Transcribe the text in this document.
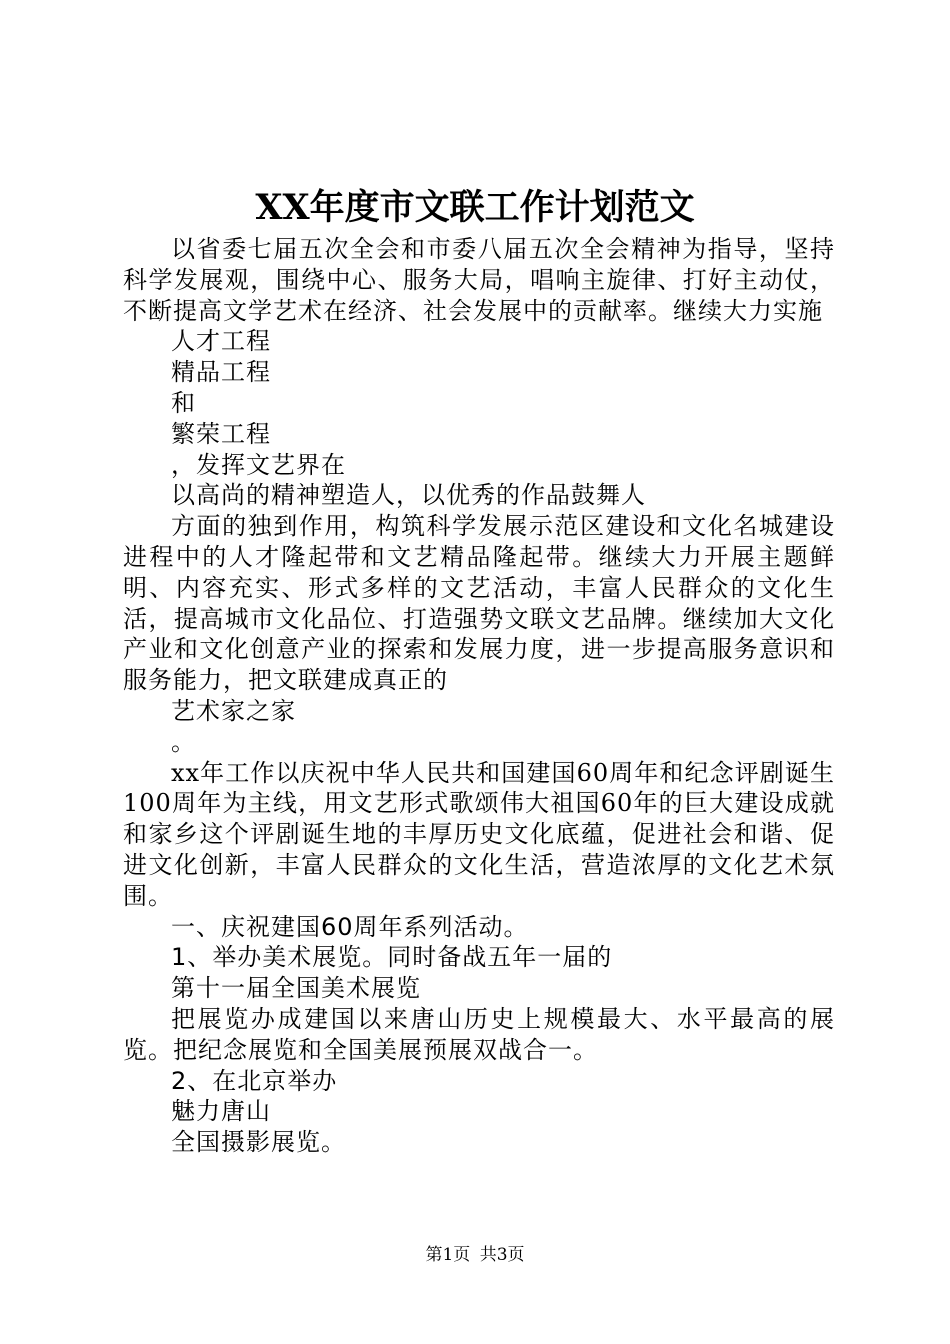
XX年度市文联工作计划范文

以省委七届五次全会和市委八届五次全会精神为指导，坚持科学发展观，围绕中心、服务大局，唱响主旋律、打好主动仗，不断提高文学艺术在经济、社会发展中的贡献率。继续大力实施

人才工程

精品工程

和

繁荣工程

，发挥文艺界在

以高尚的精神塑造人，以优秀的作品鼓舞人

方面的独到作用，构筑科学发展示范区建设和文化名城建设进程中的人才隆起带和文艺精品隆起带。继续大力开展主题鲜明、内容充实、形式多样的文艺活动，丰富人民群众的文化生活，提高城市文化品位、打造强势文联文艺品牌。继续加大文化产业和文化创意产业的探索和发展力度，进一步提高服务意识和服务能力，把文联建成真正的

艺术家之家

。

xx年工作以庆祝中华人民共和国建国60周年和纪念评剧诞生100周年为主线，用文艺形式歌颂伟大祖国60年的巨大建设成就和家乡这个评剧诞生地的丰厚历史文化底蕴，促进社会和谐、促进文化创新，丰富人民群众的文化生活，营造浓厚的文化艺术氛围。

一、庆祝建国60周年系列活动。

1、举办美术展览。同时备战五年一届的

第十一届全国美术展览

把展览办成建国以来唐山历史上规模最大、水平最高的展览。把纪念展览和全国美展预展双战合一。

2、在北京举办

魅力唐山

全国摄影展览。

第1页 共3页
